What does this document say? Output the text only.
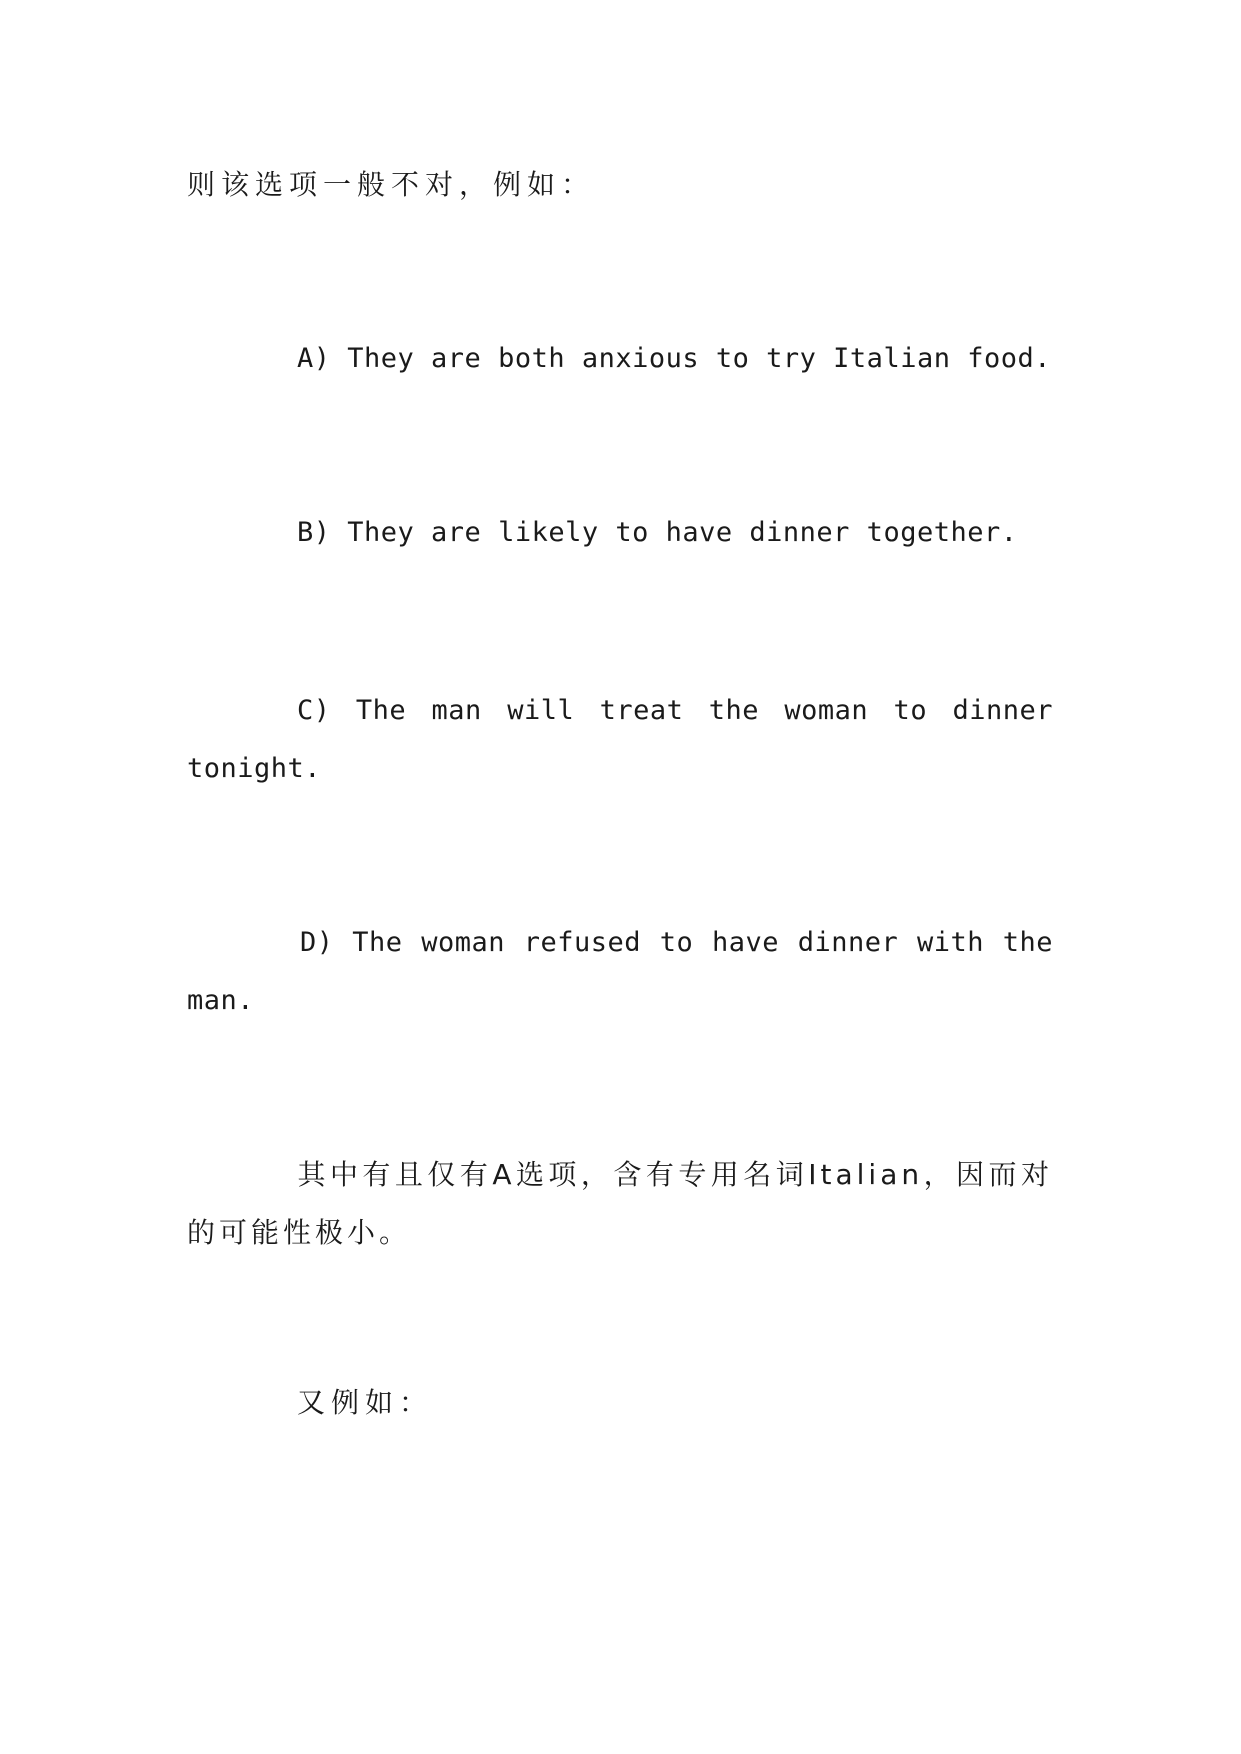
则该选项一般不对，例如：
A) They are both anxious to try Italian food.
B) They are likely to have dinner together.
C) The man will treat the woman to dinner tonight.
D) The woman refused to have dinner with the man.
其中有且仅有A选项，含有专用名词Italian，因而对的可能性极小。
又例如：
